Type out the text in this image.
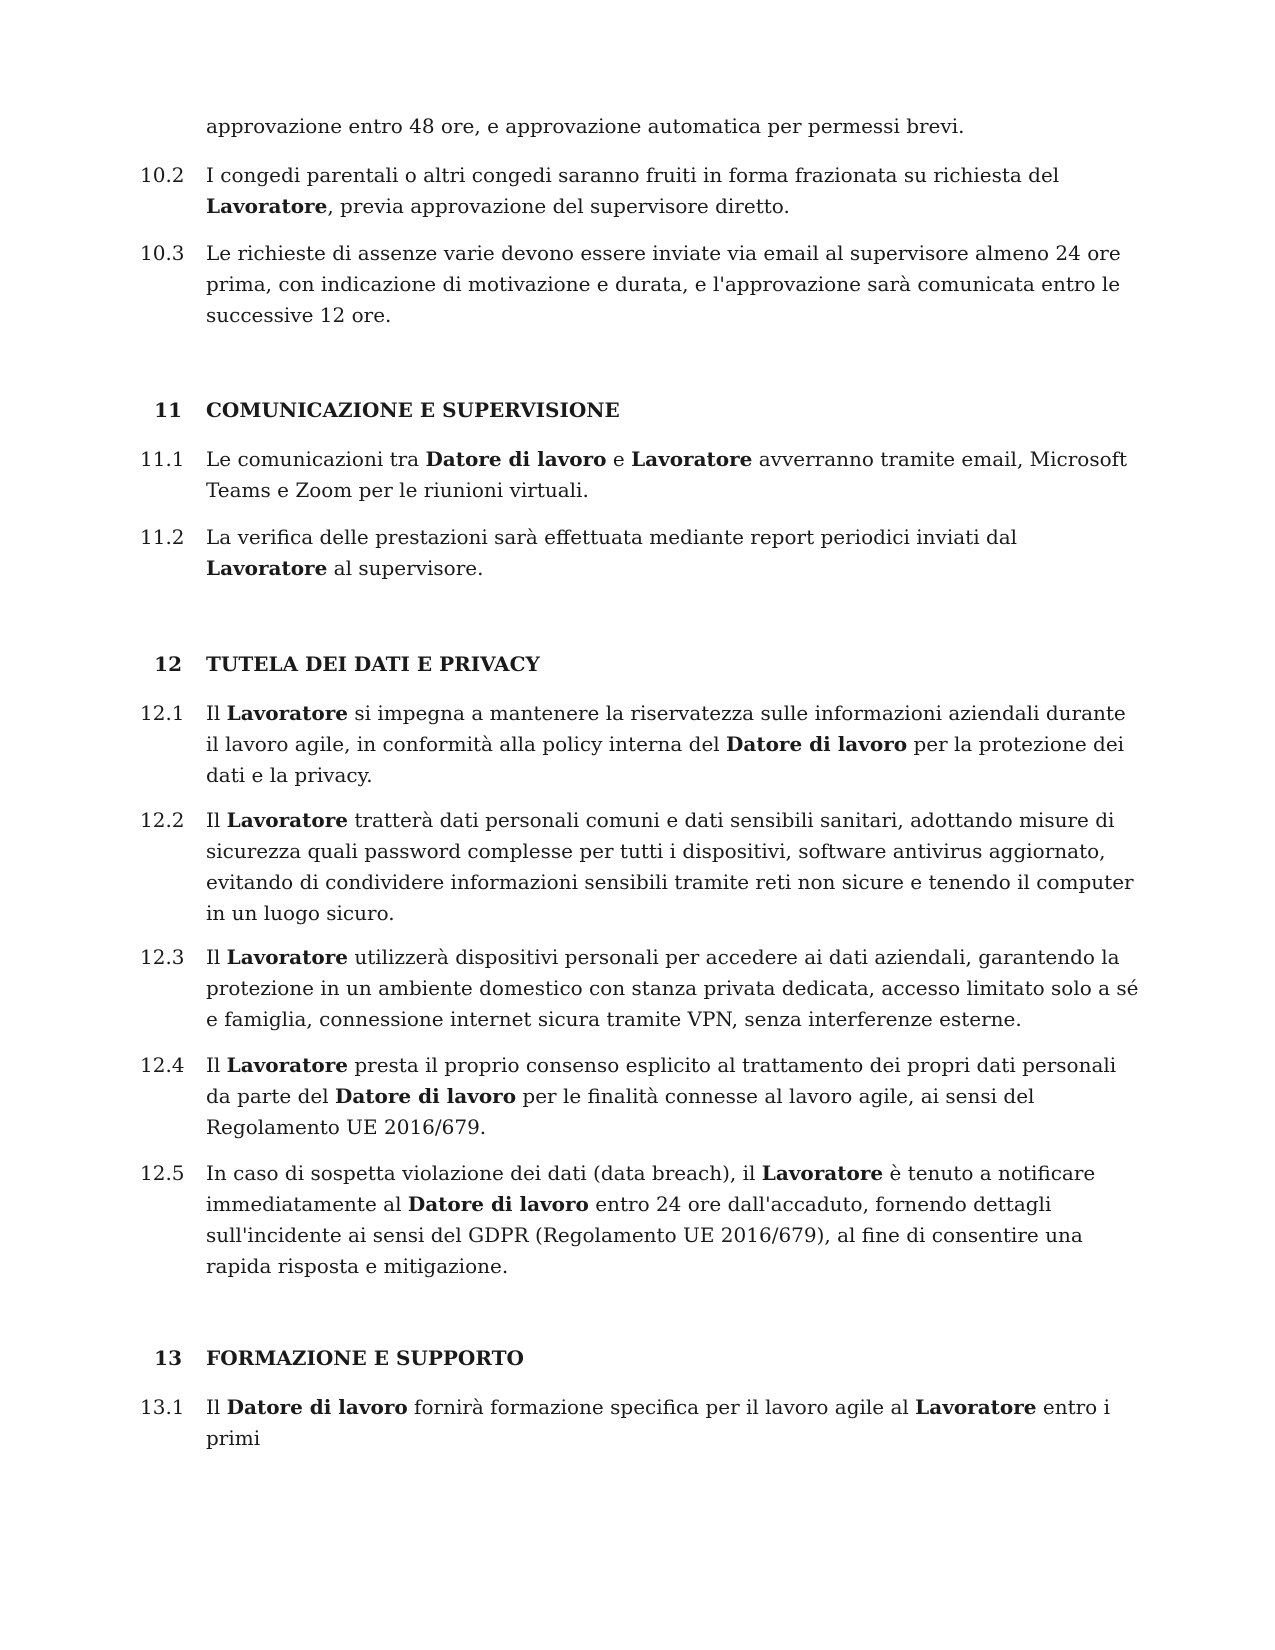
approvazione entro 48 ore, e approvazione automatica per permessi brevi.
10.2	I congedi parentali o altri congedi saranno fruiti in forma frazionata su richiesta del Lavoratore, previa approvazione del supervisore diretto.
10.3	Le richieste di assenze varie devono essere inviate via email al supervisore almeno 24 ore prima, con indicazione di motivazione e durata, e l'approvazione sarà comunicata entro le successive 12 ore.
11	COMUNICAZIONE E SUPERVISIONE
11.1	Le comunicazioni tra Datore di lavoro e Lavoratore avverranno tramite email, Microsoft Teams e Zoom per le riunioni virtuali.
11.2	La verifica delle prestazioni sarà effettuata mediante report periodici inviati dal Lavoratore al supervisore.
12	TUTELA DEI DATI E PRIVACY
12.1	Il Lavoratore si impegna a mantenere la riservatezza sulle informazioni aziendali durante il lavoro agile, in conformità alla policy interna del Datore di lavoro per la protezione dei dati e la privacy.
12.2	Il Lavoratore tratterà dati personali comuni e dati sensibili sanitari, adottando misure di sicurezza quali password complesse per tutti i dispositivi, software antivirus aggiornato, evitando di condividere informazioni sensibili tramite reti non sicure e tenendo il computer in un luogo sicuro.
12.3	Il Lavoratore utilizzerà dispositivi personali per accedere ai dati aziendali, garantendo la protezione in un ambiente domestico con stanza privata dedicata, accesso limitato solo a sé e famiglia, connessione internet sicura tramite VPN, senza interferenze esterne.
12.4	Il Lavoratore presta il proprio consenso esplicito al trattamento dei propri dati personali da parte del Datore di lavoro per le finalità connesse al lavoro agile, ai sensi del Regolamento UE 2016/679.
12.5	In caso di sospetta violazione dei dati (data breach), il Lavoratore è tenuto a notificare immediatamente al Datore di lavoro entro 24 ore dall'accaduto, fornendo dettagli sull'incidente ai sensi del GDPR (Regolamento UE 2016/679), al fine di consentire una rapida risposta e mitigazione.
13	FORMAZIONE E SUPPORTO
13.1	Il Datore di lavoro fornirà formazione specifica per il lavoro agile al Lavoratore entro i primi
